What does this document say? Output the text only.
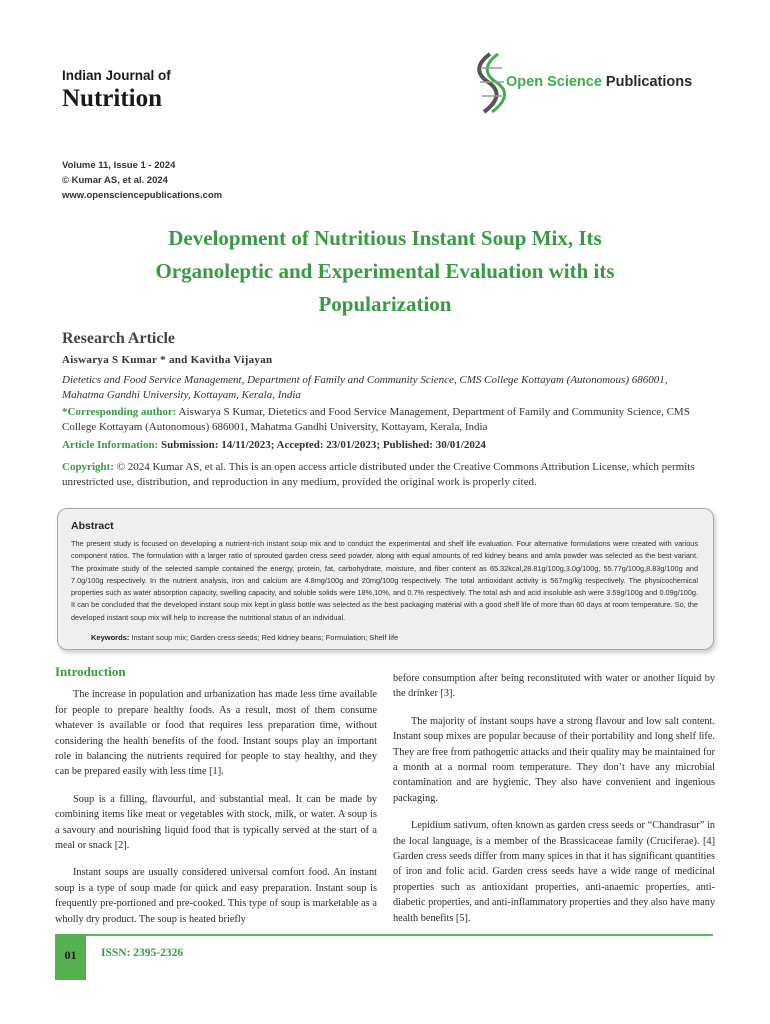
Indian Journal of
Nutrition
Open Science Publications
Volume 11, Issue 1 - 2024
© Kumar AS, et al. 2024
www.opensciencepublications.com
Development of Nutritious Instant Soup Mix, Its
Organoleptic and Experimental Evaluation with its
Popularization
Research Article
Aiswarya S Kumar * and Kavitha Vijayan
Dietetics and Food Service Management, Department of Family and Community Science, CMS College Kottayam (Autonomous) 686001, Mahatma Gandhi University, Kottayam, Kerala, India
*Corresponding author: Aiswarya S Kumar, Dietetics and Food Service Management, Department of Family and Community Science, CMS College Kottayam (Autonomous) 686001, Mahatma Gandhi University, Kottayam, Kerala, India
Article Information: Submission: 14/11/2023; Accepted: 23/01/2023; Published: 30/01/2024
Copyright: © 2024 Kumar AS, et al. This is an open access article distributed under the Creative Commons Attribution License, which permits unrestricted use, distribution, and reproduction in any medium, provided the original work is properly cited.
Abstract
The present study is focused on developing a nutrient-rich instant soup mix and to conduct the experimental and shelf life evaluation. Four alternative formulations were created with various component ratios. The formulation with a larger ratio of sprouted garden cress seed powder, along with equal amounts of red kidney beans and amla powder was selected as the best variant. The proximate study of the selected sample contained the energy, protein, fat, carbohydrate, moisture, and fiber content as 65.32kcal,28.81g/100g,3.0g/100g, 55.77g/100g,8.83g/100g and 7.0g/100g respectively. In the nutrient analysis, iron and calcium are 4.8mg/100g and 20mg/100g respectively. The total antioxidant activity is 567mg/kg respectively. The physicochemical properties such as water absorption capacity, swelling capacity, and soluble solids were 18%,10%, and 0.7% respectively. The total ash and acid insoluble ash were 3.59g/100g and 0.09g/100g. It can be concluded that the developed instant soup mix kept in glass bottle was selected as the best packaging material with a good shelf life of more than 60 days at room temperature. So, the developed instant soup mix will help to increase the nutritional status of an individual.
Keywords: Instant soup mix; Garden cress seeds; Red kidney beans; Formulation; Shelf life
Introduction

The increase in population and urbanization has made less time available for people to prepare healthy foods. As a result, most of them consume whatever is available or food that requires less preparation time, without considering the health benefits of the food. Instant soups play an important role in balancing the nutrients required for people to stay healthy, and they can be prepared easily with less time [1].

Soup is a filling, flavourful, and substantial meal. It can be made by combining items like meat or vegetables with stock, milk, or water. A soup is a savoury and nourishing liquid food that is typically served at the start of a meal or snack [2].

Instant soups are usually considered universal comfort food. An instant soup is a type of soup made for quick and easy preparation. Instant soup is frequently pre-portioned and pre-cooked. This type of soup is marketable as a wholly dry product. The soup is heated briefly

before consumption after being reconstituted with water or another liquid by the drinker [3].

The majority of instant soups have a strong flavour and low salt content. Instant soup mixes are popular because of their portability and long shelf life. They are free from pathogenic attacks and their quality may be maintained for a month at a normal room temperature. They don’t have any microbial contamination and are hygienic. They also have convenient and ingenious packaging.

Lepidium sativum, often known as garden cress seeds or “Chandrasur” in the local language, is a member of the Brassicaceae family (Cruciferae). [4] Garden cress seeds differ from many spices in that it has significant quantities of iron and folic acid. Garden cress seeds have a wide range of medicinal properties such as antioxidant properties, anti-anaemic properties, anti- diabetic properties, and anti-inflammatory properties and they also have many health benefits [5].

01	ISSN: 2395-2326
